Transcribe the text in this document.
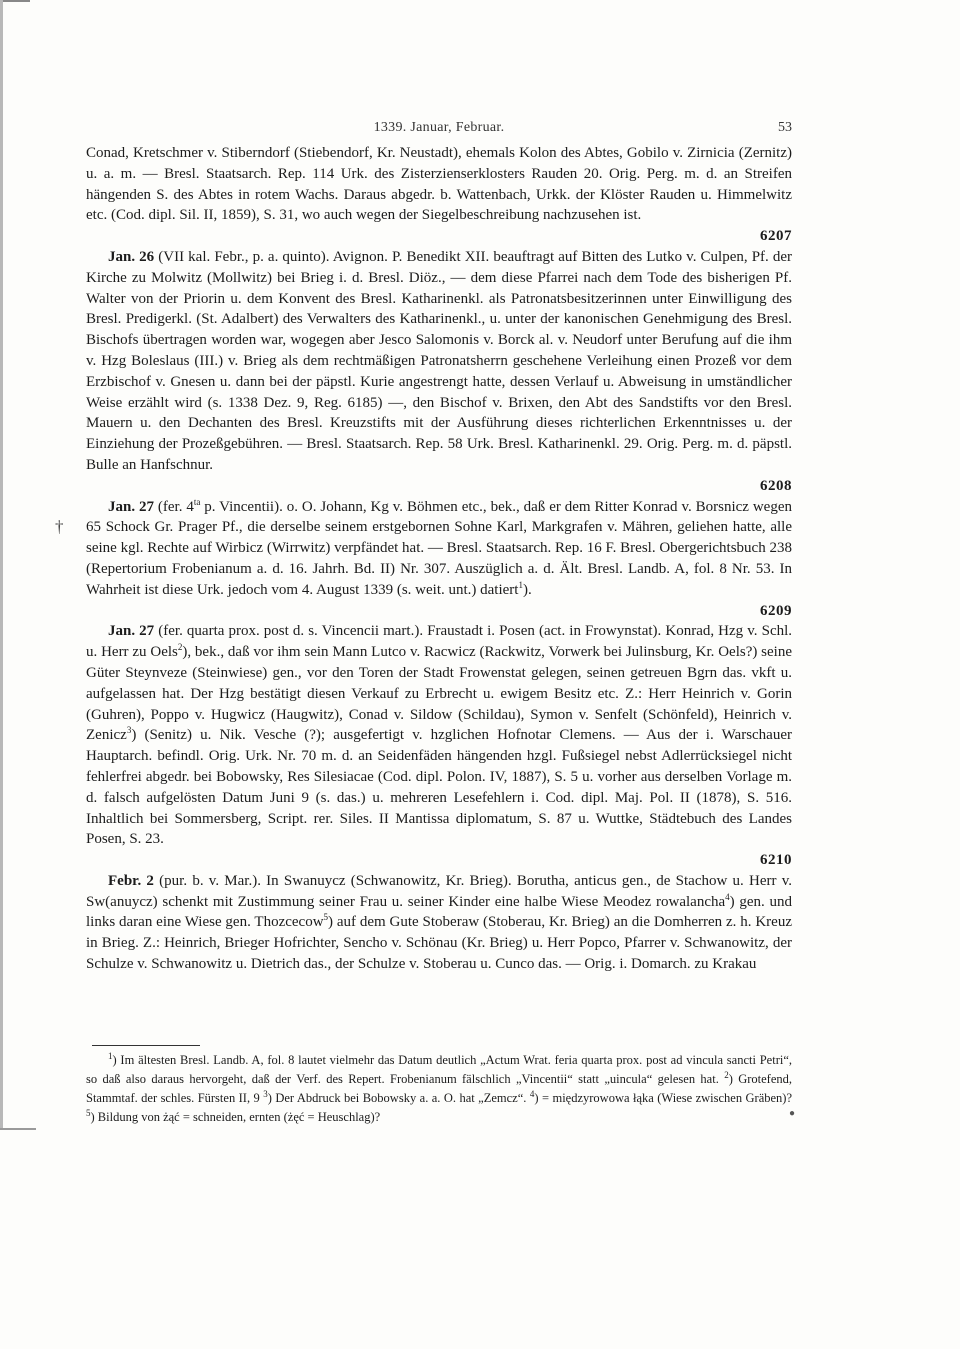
1339. Januar, Februar.	53
†

Conad, Kretschmer v. Stiberndorf (Stiebendorf, Kr. Neustadt), ehemals Kolon des Abtes, Gobilo v. Zirnicia (Zernitz) u. a. m. — Bresl. Staatsarch. Rep. 114 Urk. des Zisterzienserklosters Rauden 20. Orig. Perg. m. d. an Streifen hängenden S. des Abtes in rotem Wachs. Daraus abgedr. b. Wattenbach, Urkk. der Klöster Rauden u. Himmelwitz etc. (Cod. dipl. Sil. II, 1859), S. 31, wo auch wegen der Siegelbeschreibung nachzusehen ist.
6207

Jan. 26 (VII kal. Febr., p. a. quinto). Avignon. P. Benedikt XII. beauftragt auf Bitten des Lutko v. Culpen, Pf. der Kirche zu Molwitz (Mollwitz) bei Brieg i. d. Bresl. Diöz., — dem diese Pfarrei nach dem Tode des bisherigen Pf. Walter von der Priorin u. dem Konvent des Bresl. Katharinenkl. als Patronatsbesitzerinnen unter Einwilligung des Bresl. Predigerkl. (St. Adalbert) des Verwalters des Katharinenkl., u. unter der kanonischen Genehmigung des Bresl. Bischofs übertragen worden war, wogegen aber Jesco Salomonis v. Borck al. v. Neudorf unter Berufung auf die ihm v. Hzg Boleslaus (III.) v. Brieg als dem rechtmäßigen Patronatsherrn geschehene Verleihung einen Prozeß vor dem Erzbischof v. Gnesen u. dann bei der päpstl. Kurie angestrengt hatte, dessen Verlauf u. Abweisung in umständlicher Weise erzählt wird (s. 1338 Dez. 9, Reg. 6185) —, den Bischof v. Brixen, den Abt des Sandstifts vor den Bresl. Mauern u. den Dechanten des Bresl. Kreuzstifts mit der Ausführung dieses richterlichen Erkenntnisses u. der Einziehung der Prozeßgebühren. — Bresl. Staatsarch. Rep. 58 Urk. Bresl. Katharinenkl. 29. Orig. Perg. m. d. päpstl. Bulle an Hanfschnur.
6208

Jan. 27 (fer. $4^{ta}$ p. Vincentii). o. O. Johann, Kg v. Böhmen etc., bek., daß er dem Ritter Konrad v. Borsnicz wegen 65 Schock Gr. Prager Pf., die derselbe seinem erstgebornen Sohne Karl, Markgrafen v. Mähren, geliehen hatte, alle seine kgl. Rechte auf Wirbicz (Wirrwitz) verpfändet hat. — Bresl. Staatsarch. Rep. 16 F. Bresl. Obergerichtsbuch 238 (Repertorium Frobenianum a. d. 16. Jahrh. Bd. II) Nr. 307. Auszüglich a. d. Ält. Bresl. Landb. A, fol. 8 Nr. 53. In Wahrheit ist diese Urk. jedoch vom 4. August 1339 (s. weit. unt.) datiert$^1$).
6209

Jan. 27 (fer. quarta prox. post d. s. Vincencii mart.). Fraustadt i. Posen (act. in Frowynstat). Konrad, Hzg v. Schl. u. Herr zu Oels$^2$), bek., daß vor ihm sein Mann Lutco v. Racwicz (Rackwitz, Vorwerk bei Julinsburg, Kr. Oels?) seine Güter Steynveze (Steinwiese) gen., vor den Toren der Stadt Frowenstat gelegen, seinen getreuen Bgrn das. vkft u. aufgelassen hat. Der Hzg bestätigt diesen Verkauf zu Erbrecht u. ewigem Besitz etc. Z.: Herr Heinrich v. Gorin (Guhren), Poppo v. Hugwicz (Haugwitz), Conad v. Sildow (Schildau), Symon v. Senfelt (Schönfeld), Heinrich v. Zenicz$^3$) (Senitz) u. Nik. Vesche (?); ausgefertigt v. hzglichen Hofnotar Clemens. — Aus der i. Warschauer Hauptarch. befindl. Orig. Urk. Nr. 70 m. d. an Seidenfäden hängenden hzgl. Fußsiegel nebst Adlerrücksiegel nicht fehlerfrei abgedr. bei Bobowsky, Res Silesiacae (Cod. dipl. Polon. IV, 1887), S. 5 u. vorher aus derselben Vorlage m. d. falsch aufgelösten Datum Juni 9 (s. das.) u. mehreren Lesefehlern i. Cod. dipl. Maj. Pol. II (1878), S. 516. Inhaltlich bei Sommersberg, Script. rer. Siles. II Mantissa diplomatum, S. 87 u. Wuttke, Städtebuch des Landes Posen, S. 23.
6210

Febr. 2 (pur. b. v. Mar.). In Swanuycz (Schwanowitz, Kr. Brieg). Borutha, anticus gen., de Stachow u. Herr v. Sw(anuycz) schenkt mit Zustimmung seiner Frau u. seiner Kinder eine halbe Wiese Meodez rowalancha$^4$) gen. und links daran eine Wiese gen. Thozcecow$^5$) auf dem Gute Stoberaw (Stoberau, Kr. Brieg) an die Domherren z. h. Kreuz in Brieg. Z.: Heinrich, Brieger Hofrichter, Sencho v. Schönau (Kr. Brieg) u. Herr Popco, Pfarrer v. Schwanowitz, der Schulze v. Schwanowitz u. Dietrich das., der Schulze v. Stoberau u. Cunco das. — Orig. i. Domarch. zu Krakau

$^1$) Im ältesten Bresl. Landb. A, fol. 8 lautet vielmehr das Datum deutlich „Actum Wrat. feria quarta prox. post ad vincula sancti Petri“, so daß also daraus hervorgeht, daß der Verf. des Repert. Frobenianum fälschlich „Vincentii“ statt „uincula“ gelesen hat. $^2$) Grotefend, Stammtaf. der schles. Fürsten II, 9 $^3$) Der Abdruck bei Bobowsky a. a. O. hat „Zemcz“. $^4$) = międzyrowowa łąka (Wiese zwischen Gräben)? $^5$) Bildung von żąć = schneiden, ernten (żęć = Heuschlag)?	●
